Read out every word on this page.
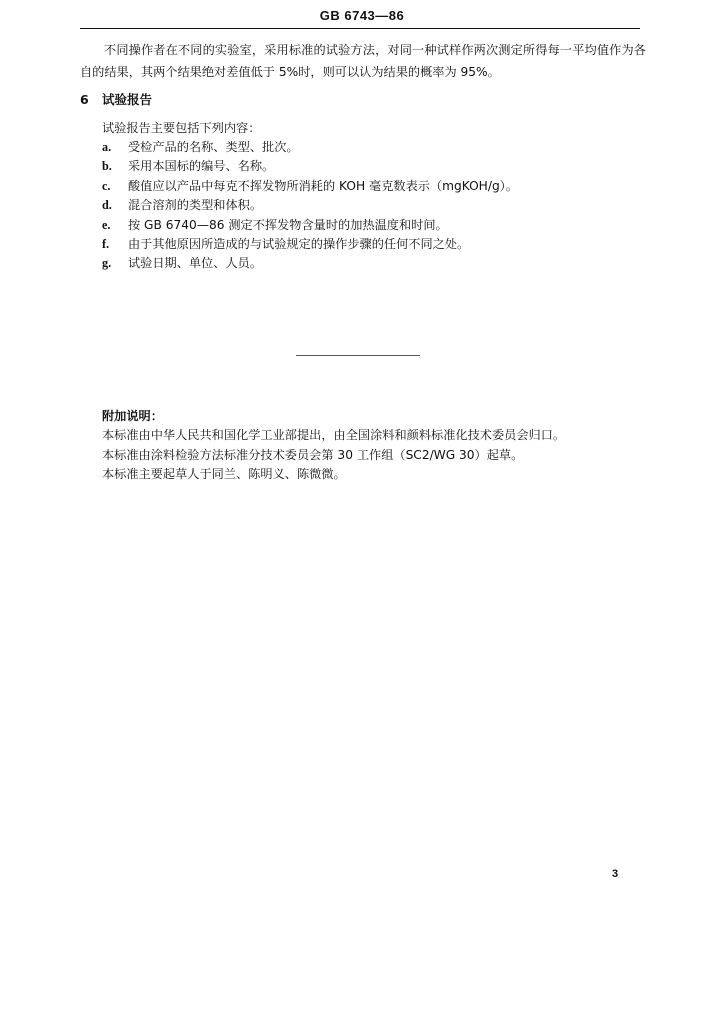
GB 6743—86
不同操作者在不同的实验室，采用标准的试验方法，对同一种试样作两次测定所得每一平均值作为各自的结果，其两个结果绝对差值低于 5%时，则可以认为结果的概率为 95%。
6 试验报告
试验报告主要包括下列内容：
a. 受检产品的名称、类型、批次。
b. 采用本国标的编号、名称。
c. 酸值应以产品中每克不挥发物所消耗的 KOH 毫克数表示（mgKOH/g）。
d. 混合溶剂的类型和体积。
e. 按 GB 6740—86 测定不挥发物含量时的加热温度和时间。
f. 由于其他原因所造成的与试验规定的操作步骤的任何不同之处。
g. 试验日期、单位、人员。
附加说明：
本标准由中华人民共和国化学工业部提出，由全国涂料和颜料标准化技术委员会归口。
本标准由涂料检验方法标准分技术委员会第 30 工作组（SC2/WG 30）起草。
本标准主要起草人于同兰、陈明义、陈微微。
3
